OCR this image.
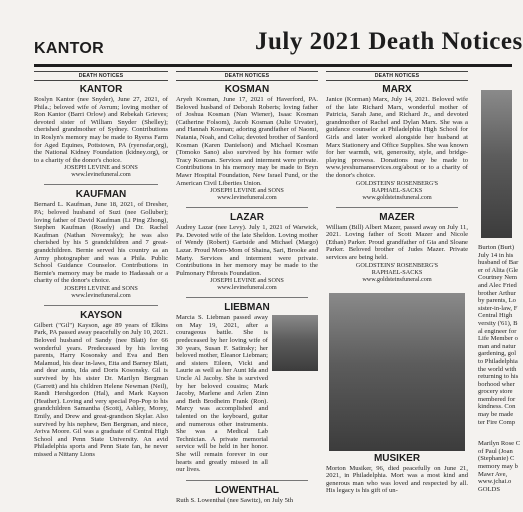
KANTOR	July 2021 Death Notices
DEATH NOTICES
KANTOR
Roslyn Kantor (nee Snyder), June 27, 2021, of Phila.; beloved wife of Avrum; loving mother of Ron Kantor (Barri Orlow) and Rebekah Grieves; devoted sister of William Snyder (Shelley); cherished grandmother of Sydney. Contributions in Roslyn's memory may be made to Ryerss Farm for Aged Equines, Pottstown, PA (ryerssfar,org), the National Kidney Foundation (kidney.org), or to a charity of the donor's choice.
JOSEPH LEVINE and SONS
www.levinefuneral.com
KAUFMAN
Bernard L. Kaufman, June 18, 2021, of Dresher, PA; beloved husband of Suzi (nee Golluber); loving father of David Kaufman (Li Ping Zhong), Stephen Kaufman (Rosely) and Dr. Rachel Kaufman (Nathan Novemsky); he was also cherished by his 5 grandchildren and 7 great-grandchildren. Bernie served his country as an Army photographer and was a Phila. Public School Guidance Counselor. Contributions in Bernie's memory may be made to Hadassah or a charity of the donor's choice.
JOSEPH LEVINE and SONS
www.levinefuneral.com
KAYSON
Gilbert ("Gil") Kayson, age 89 years of Elkins Park, PA passed away peacefully on July 10, 2021. Beloved husband of Sandy (nee Blatt) for 66 wonderful years. Predeceased by his loving parents, Harry Kosonsky and Eva and Ben Malamud, his dear in-laws, Etta and Barney Blatt, and dear aunts, Ida and Doris Kosonsky. Gil is survived by his sister Dr. Marilyn Bergman (Garrett) and his children Helene Newman (Neil), Randi Hershgordon (Hal), and Mark Kayson (Heather). Loving and very special Pop-Pop to his grandchildren Samantha (Scott), Ashley, Morey, Emily, and Drew and great-grandson Skylar. Also survived by his nephew, Ben Bergman, and niece, Aviva Moore. Gil was a graduate of Central High School and Penn State University. An avid Philadelphia sports and Penn State fan, he never missed a Nittany Lions
DEATH NOTICES
KOSMAN
Aryeh Kosman, June 17, 2021 of Haverford, PA. Beloved husband of Deborah Roberts; loving father of Joshua Kosman (Nan Wiener), Isaac Kosman (Catherine Folsom), Jacob Kosman (Julie Urvater), and Hannah Kosman; adoring grandfather of Naomi, Natania, Noah, and Celia; devoted brother of Sanford Kosman (Karen Danielson) and Michael Kosman (Tomoko Sano) also survived by his former wife Tracy Kosman. Services and interment were private. Contributions in his memory may be made to Bryn Mawr Hospital Foundation, New Israel Fund, or the American Civil Liberties Union.
JOSEPH LEVINE and SONS
www.levinefuneral.com
LAZAR
Audrey Lazar (nee Levy). July 1, 2021 of Warwick, Pa. Devoted wife of the late Sheldon. Loving mother of Wendy (Robert) Gartside and Michael (Margo) Lazar. Proud Mom-Mom of Shaina, Sari, Brooke and Marty. Services and interment were private. Contributions in her memory may be made to the Pulmonary Fibrosis Foundation.
JOSEPH LEVINE and SONS
www.levinefuneral.com
LIEBMAN
Marcia S. Liebman passed away on May 19, 2021, after a courageous battle. She is predeceased by her loving wife of 30 years, Susan F. Satinsky; her beloved mother, Eleanor Liebman; and sisters Eileen, Vicki and Laurie as well as her Aunt Ida and Uncle Al Jacoby. She is survived by her beloved cousins; Mark Jacoby, Marlene and Arlen Zinn and Beth Brodheim Frank (Ron). Marcy was accomplished and talented on the keyboard, guitar and numerous other instruments. She was a Medical Lab Technician. A private memorial service will be held in her honor. She will remain forever in our hearts and greatly missed in all our lives.
LOWENTHAL
Ruth S. Lowenthal (nee Sawitz), on July 5th
DEATH NOTICES
MARX
Janice (Korman) Marx, July 14, 2021. Beloved wife of the late Richard Marx, wonderful mother of Patricia, Sarah Jane, and Richard Jr., and devoted grandmother of Rachel and Dylan Marx. She was a guidance counselor at Philadelphia High School for Girls and later worked alongside her husband at Marx Stationery and Office Supplies. She was known for her warmth, wit, generosity, style, and bridge-playing prowess. Donations may be made to www.jevshumanservices.org/about or to a charity of the donor's choice.
GOLDSTEINS' ROSENBERG'S
RAPHAEL-SACKS
www.goldsteinsfuneral.com
MAZER
William (Bill) Albert Mazer, passed away on July 11, 2021. Loving father of Scott Mazer and Nicole (Ethan) Parker. Proud grandfather of Gia and Sloane Parker. Beloved brother of Judes Mazer. Private services are being held.
GOLDSTEINS' ROSENBERG'S
RAPHAEL-SACKS
www.goldsteinsfuneral.com
MUSIKER
Morton Musiker, 96, died peacefully on June 21, 2021, in Philadelphia. Mort was a most kind and generous man who was loved and respected by all. His legacy is his gift of un-
Burton (Burt)
July 14 in his
husband of Bar
er of Alita (Gle
Courtney Nem
and Alec Fried
brother Arthur
by parents, Lo
sister-in-law, F
Central High
versity ('61), B
al engineer for
Life Member o
man and natur
gardening, gol
to Philadelphia
the world with
returning to his
borhood wher
grocery store
membered for
kindness. Con
may be made
ter Fire Comp
Marilyn Rose C
of Paul (Joan
(Stephanie) C
memory may b
Mawr Ave,
www.jchai.o
GOLDS
